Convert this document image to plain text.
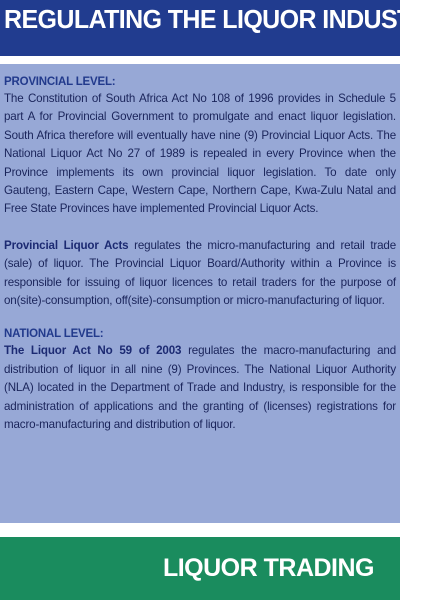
REGULATING THE LIQUOR INDUSTRY

PROVINCIAL LEVEL:

The Constitution of South Africa Act No 108 of 1996 provides in Schedule 5 part A for Provincial Government to promulgate and enact liquor legislation. South Africa therefore will eventually have nine (9) Provincial Liquor Acts. The National Liquor Act No 27 of 1989 is repealed in every Province when the Province implements its own provincial liquor legislation. To date only Gauteng, Eastern Cape, Western Cape, Northern Cape, Kwa-Zulu Natal and Free State Provinces have implemented Provincial Liquor Acts.

Provincial Liquor Acts regulates the micro-manufacturing and retail trade (sale) of liquor. The Provincial Liquor Board/Authority within a Province is responsible for issuing of liquor licences to retail traders for the purpose of on(site)-consumption, off(site)-consumption or micro-manufacturing of liquor.

NATIONAL LEVEL:

The Liquor Act No 59 of 2003 regulates the macro-manufacturing and distribution of liquor in all nine (9) Provinces. The National Liquor Authority (NLA) located in the Department of Trade and Industry, is responsible for the administration of applications and the granting of (licenses) registrations for macro-manufacturing and distribution of liquor.

LIQUOR TRADING
